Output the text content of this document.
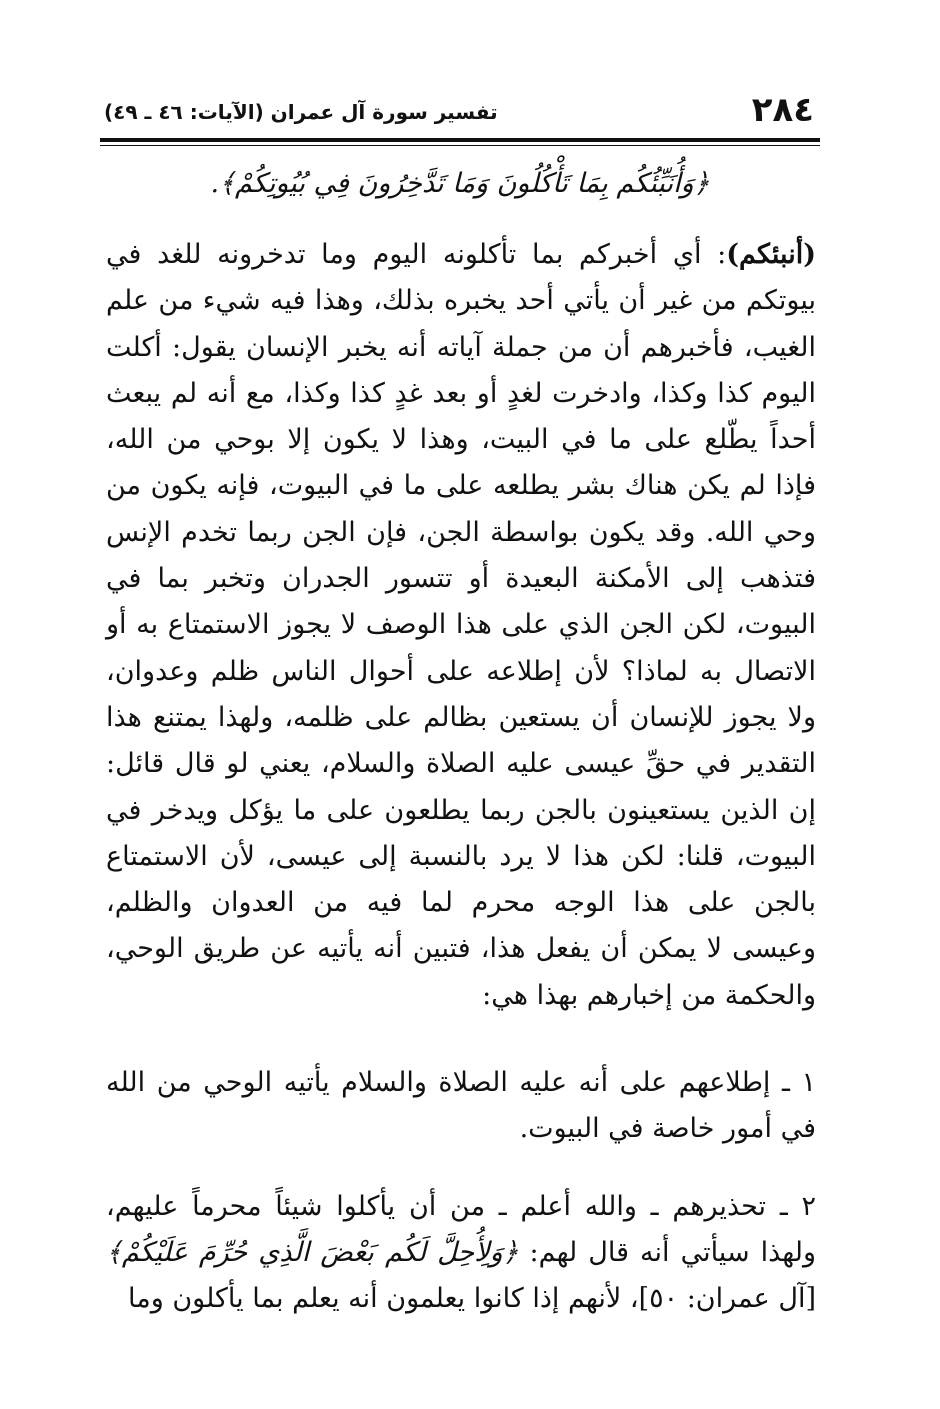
٢٨٤
تفسير سورة آل عمران (الآيات: ٤٦ ـ ٤٩)
﴿وَأُنَبِّئُكُم بِمَا تَأْكُلُونَ وَمَا تَدَّخِرُونَ فِي بُيُوتِكُمْ﴾.

(أنبئكم): أي أخبركم بما تأكلونه اليوم وما تدخرونه للغد في بيوتكم من غير أن يأتي أحد يخبره بذلك، وهذا فيه شيء من علم الغيب، فأخبرهم أن من جملة آياته أنه يخبر الإنسان يقول: أكلت اليوم كذا وكذا، وادخرت لغدٍ أو بعد غدٍ كذا وكذا، مع أنه لم يبعث أحداً يطّلع على ما في البيت، وهذا لا يكون إلا بوحي من الله، فإذا لم يكن هناك بشر يطلعه على ما في البيوت، فإنه يكون من وحي الله. وقد يكون بواسطة الجن، فإن الجن ربما تخدم الإنس فتذهب إلى الأمكنة البعيدة أو تتسور الجدران وتخبر بما في البيوت، لكن الجن الذي على هذا الوصف لا يجوز الاستمتاع به أو الاتصال به لماذا؟ لأن إطلاعه على أحوال الناس ظلم وعدوان، ولا يجوز للإنسان أن يستعين بظالم على ظلمه، ولهذا يمتنع هذا التقدير في حقِّ عيسى عليه الصلاة والسلام، يعني لو قال قائل: إن الذين يستعينون بالجن ربما يطلعون على ما يؤكل ويدخر في البيوت، قلنا: لكن هذا لا يرد بالنسبة إلى عيسى، لأن الاستمتاع بالجن على هذا الوجه محرم لما فيه من العدوان والظلم، وعيسى لا يمكن أن يفعل هذا، فتبين أنه يأتيه عن طريق الوحي، والحكمة من إخبارهم بهذا هي:

١ ـ إطلاعهم على أنه عليه الصلاة والسلام يأتيه الوحي من الله في أمور خاصة في البيوت.

٢ ـ تحذيرهم ـ والله أعلم ـ من أن يأكلوا شيئاً محرماً عليهم، ولهذا سيأتي أنه قال لهم: ﴿وَلِأُحِلَّ لَكُم بَعْضَ الَّذِي حُرِّمَ عَلَيْكُمْ﴾ [آل عمران: ٥٠]، لأنهم إذا كانوا يعلمون أنه يعلم بما يأكلون وما
